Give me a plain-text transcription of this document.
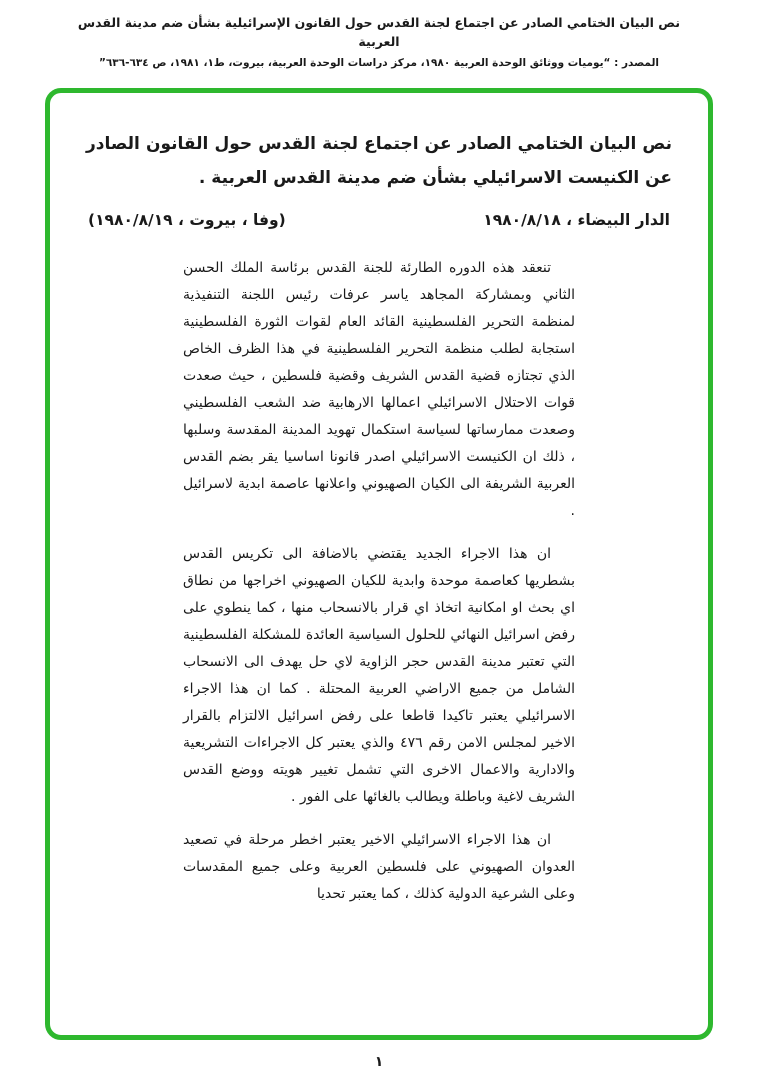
نص البيان الختامي الصادر عن اجتماع لجنة القدس حول القانون الإسرائيلية بشأن ضم مدينة القدس العربية
المصدر : “يوميات ووثائق الوحدة العربية ١٩٨٠، مركز دراسات الوحدة العربية، بيروت، ط١، ١٩٨١، ص ٦٣٤-٦٣٦”
نص البيان الختامي الصادر عن اجتماع لجنة القدس حول القانون الصادر عن الكنيست الاسرائيلي بشأن ضم مدينة القدس العربية .
الدار البيضاء ، ١٩٨٠/٨/١٨
(وفا ، بيروت ، ١٩٨٠/٨/١٩)

تنعقد هذه الدوره الطارئة للجنة القدس برئاسة الملك الحسن الثاني وبمشاركة المجاهد ياسر عرفات رئيس اللجنة التنفيذية لمنظمة التحرير الفلسطينية القائد العام لقوات الثورة الفلسطينية استجابة لطلب منظمة التحرير الفلسطينية في هذا الظرف الخاص الذي تجتازه قضية القدس الشريف وقضية فلسطين ، حيث صعدت قوات الاحتلال الاسرائيلي اعمالها الارهابية ضد الشعب الفلسطيني وصعدت ممارساتها لسياسة استكمال تهويد المدينة المقدسة وسلبها ، ذلك ان الكنيست الاسرائيلي اصدر قانونا اساسيا يقر بضم القدس العربية الشريفة الى الكيان الصهيوني واعلانها عاصمة ابدية لاسرائيل .

ان هذا الاجراء الجديد يقتضي بالاضافة الى تكريس القدس بشطريها كعاصمة موحدة وابدية للكيان الصهيوني اخراجها من نطاق اي بحث او امكانية اتخاذ اي قرار بالانسحاب منها ، كما ينطوي على رفض اسرائيل النهائي للحلول السياسية العائدة للمشكلة الفلسطينية التي تعتبر مدينة القدس حجر الزاوية لاي حل يهدف الى الانسحاب الشامل من جميع الاراضي العربية المحتلة . كما ان هذا الاجراء الاسرائيلي يعتبر تاكيدا قاطعا على رفض اسرائيل الالتزام بالقرار الاخير لمجلس الامن رقم ٤٧٦ والذي يعتبر كل الاجراءات التشريعية والادارية والاعمال الاخرى التي تشمل تغيير هويته ووضع القدس الشريف لاغية وباطلة ويطالب بالغائها على الفور .

ان هذا الاجراء الاسرائيلي الاخير يعتبر اخطر مرحلة في تصعيد العدوان الصهيوني على فلسطين العربية وعلى جميع المقدسات وعلى الشرعية الدولية كذلك ، كما يعتبر تحديا

١
